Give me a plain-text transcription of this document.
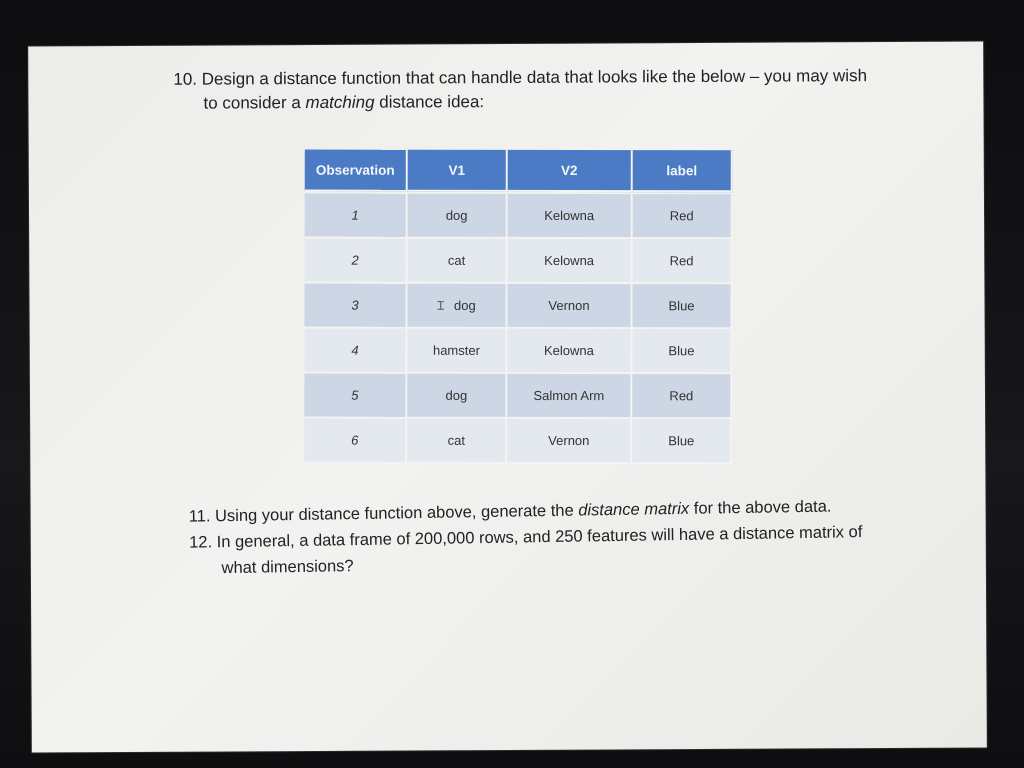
10. Design a distance function that can handle data that looks like the below – you may wish
to consider a matching distance idea:
Observation	V1	V2	label
1	dog	Kelowna	Red
2	cat	Kelowna	Red
3	Ɪ dog	Vernon	Blue
4	hamster	Kelowna	Blue
5	dog	Salmon Arm	Red
6	cat	Vernon	Blue
11. Using your distance function above, generate the distance matrix for the above data.
12. In general, a data frame of 200,000 rows, and 250 features will have a distance matrix of
what dimensions?
